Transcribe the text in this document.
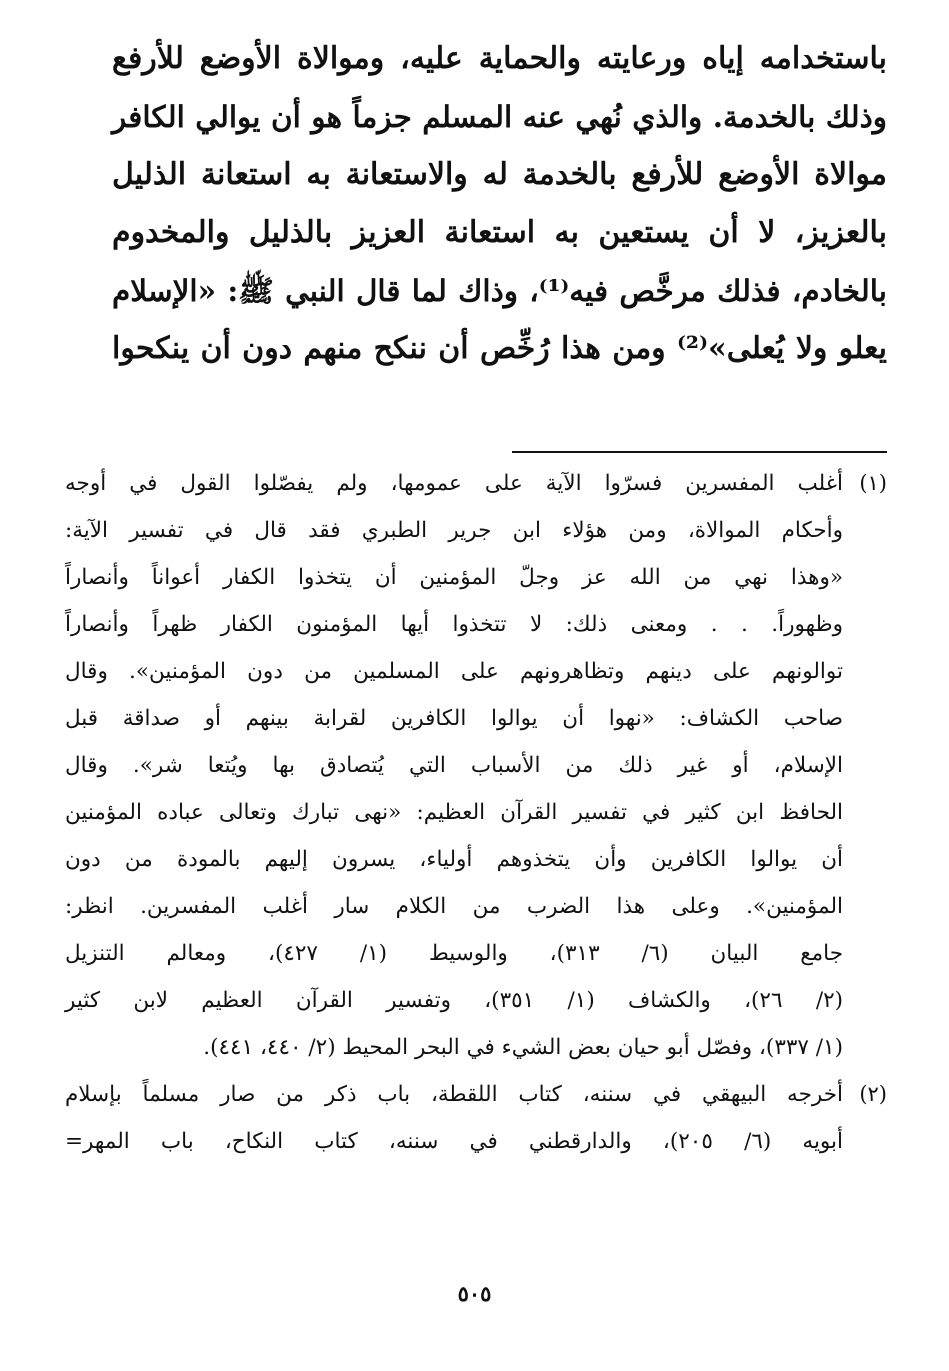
باستخدامه إياه ورعايته والحماية عليه، وموالاة الأوضع للأرفع
وذلك بالخدمة. والذي نُهي عنه المسلم جزماً هو أن يوالي الكافر
موالاة الأوضع للأرفع بالخدمة له والاستعانة به استعانة الذليل
بالعزيز، لا أن يستعين به استعانة العزيز بالذليل والمخدوم
بالخادم، فذلك مرخَّص فيه⁽¹⁾، وذاك لما قال النبي ﷺ: «الإسلام
يعلو ولا يُعلى»⁽²⁾ ومن هذا رُخِّص أن ننكح منهم دون أن ينكحوا
(١)
أغلب المفسرين فسرّوا الآية على عمومها، ولم يفصّلوا القول في أوجه
وأحكام الموالاة، ومن هؤلاء ابن جرير الطبري فقد قال في تفسير الآية:
«وهذا نهي من الله عز وجلّ المؤمنين أن يتخذوا الكفار أعواناً وأنصاراً
وظهوراً. . . ومعنى ذلك: لا تتخذوا أيها المؤمنون الكفار ظهراً وأنصاراً
توالونهم على دينهم وتظاهرونهم على المسلمين من دون المؤمنين». وقال
صاحب الكشاف: «نهوا أن يوالوا الكافرين لقرابة بينهم أو صداقة قبل
الإسلام، أو غير ذلك من الأسباب التي يُتصادق بها ويُتعا شر». وقال
الحافظ ابن كثير في تفسير القرآن العظيم: «نهى تبارك وتعالى عباده المؤمنين
أن يوالوا الكافرين وأن يتخذوهم أولياء، يسرون إليهم بالمودة من دون
المؤمنين». وعلى هذا الضرب من الكلام سار أغلب المفسرين. انظر:
جامع البيان (٦/ ٣١٣)، والوسيط (١/ ٤٢٧)، ومعالم التنزيل
(٢/ ٢٦)، والكشاف (١/ ٣٥١)، وتفسير القرآن العظيم لابن كثير
(١/ ٣٣٧)، وفصّل أبو حيان بعض الشيء في البحر المحيط (٢/ ٤٤٠، ٤٤١).
(٢)
أخرجه البيهقي في سننه، كتاب اللقطة، باب ذكر من صار مسلماً بإسلام
أبويه (٦/ ٢٠٥)، والدارقطني في سننه، كتاب النكاح، باب المهر=
٥٠٥
